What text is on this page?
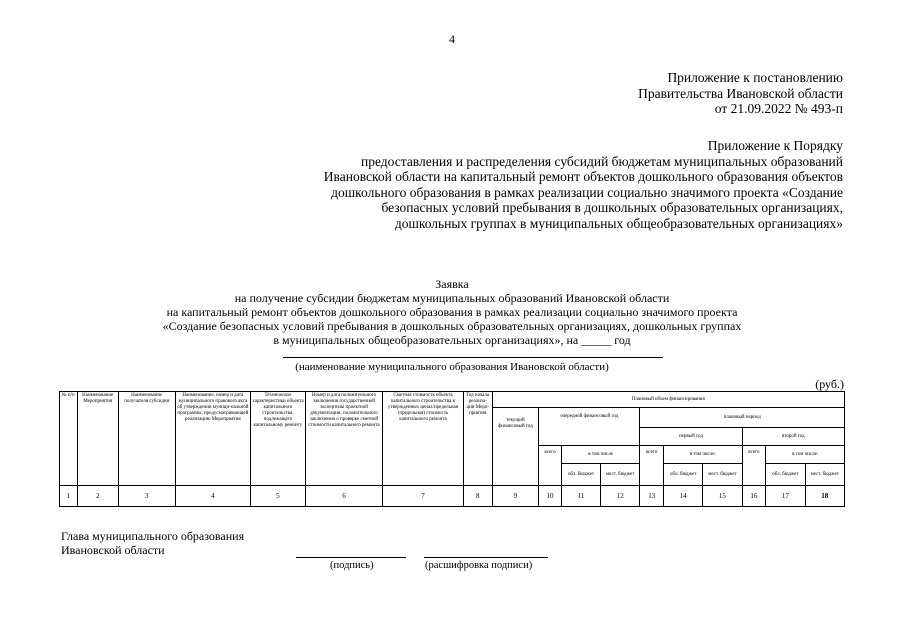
4
Приложение к постановлению
Правительства Ивановской области
от 21.09.2022 № 493-п
Приложение к Порядку
предоставления и распределения субсидий бюджетам муниципальных образований
Ивановской области на капитальный ремонт объектов дошкольного образования объектов
дошкольного образования в рамках реализации социально значимого проекта «Создание
безопасных условий пребывания в дошкольных образовательных организациях,
дошкольных группах в муниципальных общеобразовательных организациях»
Заявка
на получение субсидии бюджетам муниципальных образований Ивановской области
на капитальный ремонт объектов дошкольного образования в рамках реализации социально значимого проекта
«Создание безопасных условий пребывания в дошкольных образовательных организациях, дошкольных группах
в муниципальных общеобразовательных организациях», на _____ год
(наименование муниципального образования Ивановской области)
(руб.)
№ п/п	Наименование Мероприятия	Наименование получателя субсидии	Наименование, номер и дата муниципального правового акта об утверждении муници-пальной программы, предусматривающей реализацию Мероприятия	Техническое характеристики объекта капитального строительства, подлежащего капитальному ремонту	Номер и дата положительного заключения государственной экспертизы проектной документации, положительного заключения о проверке сметной стоимости капитального ремонта	Сметная стоимость объекта капитального строительства в утвержденных ценах/предельная (предельная) стоимость капитального ремонта	Год начала реализа-ции Меро-приятия	Плановый объем финансирования									
								текущий финансовый год	очередной финансовый год			плановый период					
												первый год			второй год		
									всего	в том числе		всего	в том числе:		всего	в том числе:	
										обл. бюджет	мест. бюджет		обл. бюджет	мест. бюджет		обл. бюджет	мест. бюджет
1	2	3	4	5	6	7	8	9	10	11	12	13	14	15	16	17	18
Глава муниципального образования
Ивановской области
(подпись)	(расшифровка подписи)
